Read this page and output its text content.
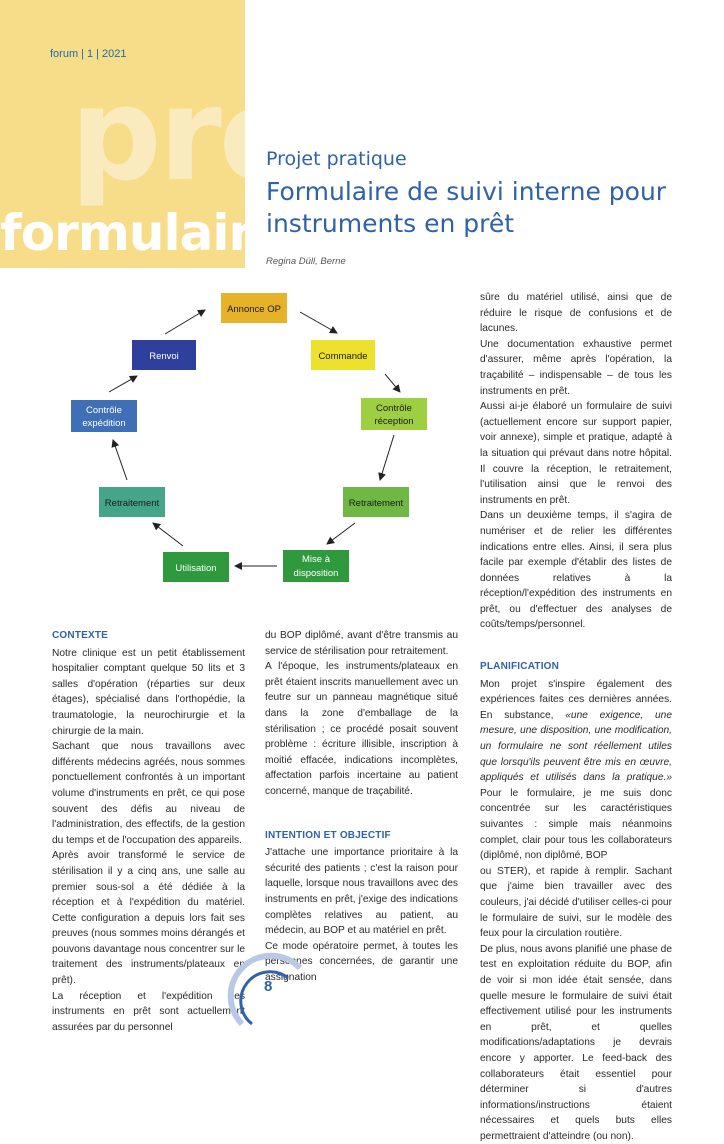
pro
formulair
forum | 1 | 2021
Projet pratique
Formulaire de suivi interne pour instruments en prêt
Regina Düll, Berne
Annonce OP
Commande
Contrôle
réception
Retraitement
Mise à
disposition
Utilisation
Retraitement
Contrôle
expédition
Renvoi

CONTEXTE

Notre clinique est un petit établissement hospitalier comptant quelque 50 lits et 3 salles d'opération (réparties sur deux étages), spécialisé dans l'orthopédie, la traumatologie, la neurochirurgie et la chirurgie de la main.

Sachant que nous travaillons avec différents médecins agréés, nous sommes ponctuellement confrontés à un important volume d'instruments en prêt, ce qui pose souvent des défis au niveau de l'administration, des effectifs, de la gestion du temps et de l'occupation des appareils.

Après avoir transformé le service de stérilisation il y a cinq ans, une salle au premier sous-sol a été dédiée à la réception et à l'expédition du matériel. Cette configuration a depuis lors fait ses preuves (nous sommes moins dérangés et pouvons davantage nous concentrer sur le traitement des instruments/plateaux en prêt).

La réception et l'expédition des instruments en prêt sont actuellement assurées par du personnel

du BOP diplômé, avant d'être transmis au service de stérilisation pour retraitement.

A l'époque, les instruments/plateaux en prêt étaient inscrits manuellement avec un feutre sur un panneau magnétique situé dans la zone d'emballage de la stérilisation ; ce procédé posait souvent problème : écriture illisible, inscription à moitié effacée, indications incomplètes, affectation parfois incertaine au patient concerné, manque de traçabilité.

INTENTION ET OBJECTIF

J'attache une importance prioritaire à la sécurité des patients ; c'est la raison pour laquelle, lorsque nous travaillons avec des instruments en prêt, j'exige des indications complètes relatives au patient, au médecin, au BOP et au matériel en prêt.

Ce mode opératoire permet, à toutes les personnes concernées, de garantir une assignation

sûre du matériel utilisé, ainsi que de réduire le risque de confusions et de lacunes.

Une documentation exhaustive permet d'assurer, même après l'opération, la traçabilité – indispensable – de tous les instruments en prêt.

Aussi ai-je élaboré un formulaire de suivi (actuellement encore sur support papier, voir annexe), simple et pratique, adapté à la situation qui prévaut dans notre hôpital. Il couvre la réception, le retraitement, l'utilisation ainsi que le renvoi des instruments en prêt.

Dans un deuxième temps, il s'agira de numériser et de relier les différentes indications entre elles. Ainsi, il sera plus facile par exemple d'établir des listes de données relatives à la réception/l'expédition des instruments en prêt, ou d'effectuer des analyses de coûts/temps/personnel.

PLANIFICATION

Mon projet s'inspire également des expériences faites ces dernières années. En substance, «une exigence, une mesure, une disposition, une modification, un formulaire ne sont réellement utiles que lorsqu'ils peuvent être mis en œuvre, appliqués et utilisés dans la pratique.» Pour le formulaire, je me suis donc concentrée sur les caractéristiques suivantes : simple mais néanmoins complet, clair pour tous les collaborateurs (diplômé, non diplômé, BOP

ou STER), et rapide à remplir. Sachant que j'aime bien travailler avec des couleurs, j'ai décidé d'utiliser celles-ci pour le formulaire de suivi, sur le modèle des feux pour la circulation routière.

De plus, nous avons planifié une phase de test en exploitation réduite du BOP, afin de voir si mon idée était sensée, dans quelle mesure le formulaire de suivi était effectivement utilisé pour les instruments en prêt, et quelles modifications/adaptations je devrais encore y apporter. Le feed-back des collaborateurs était essentiel pour déterminer si d'autres informations/instructions étaient nécessaires et quels buts elles permettraient d'atteindre (ou non).

8
